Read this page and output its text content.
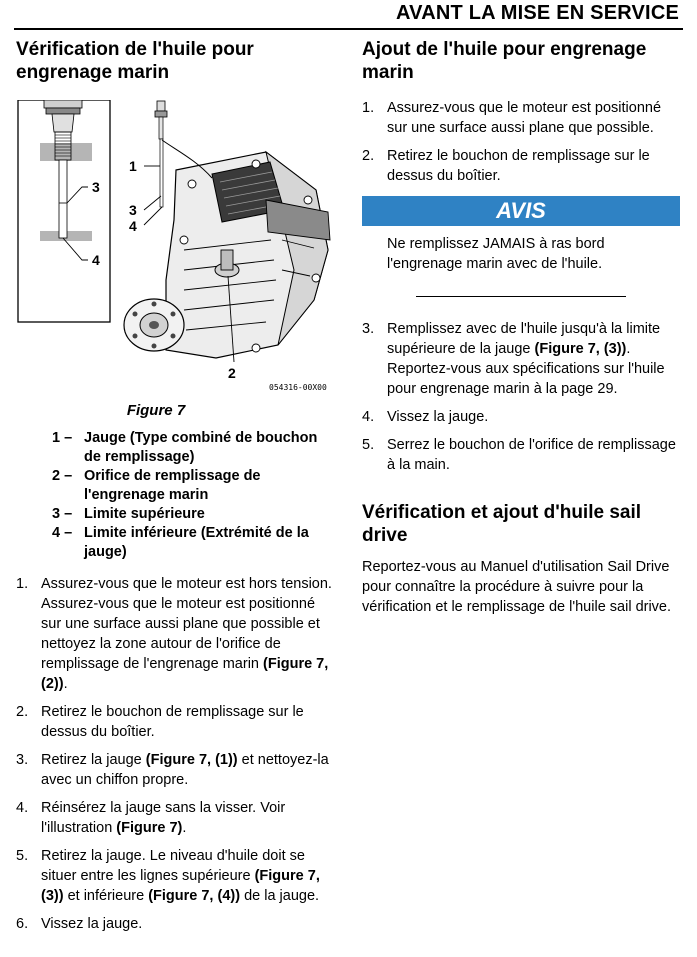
AVANT LA MISE EN SERVICE
Vérification de l'huile pour engrenage marin
3
4
1
3
4
2
054316-00X00
Figure 7
1 – Jauge (Type combiné de bouchon de remplissage)
2 – Orifice de remplissage de l'engrenage marin
3 – Limite supérieure
4 – Limite inférieure (Extrémité de la jauge)
1. Assurez-vous que le moteur est hors tension. Assurez-vous que le moteur est positionné sur une surface aussi plane que possible et nettoyez la zone autour de l'orifice de remplissage de l'engrenage marin (Figure 7, (2)).
2. Retirez le bouchon de remplissage sur le dessus du boîtier.
3. Retirez la jauge (Figure 7, (1)) et nettoyez-la avec un chiffon propre.
4. Réinsérez la jauge sans la visser. Voir l'illustration (Figure 7).
5. Retirez la jauge. Le niveau d'huile doit se situer entre les lignes supérieure (Figure 7, (3)) et inférieure (Figure 7, (4)) de la jauge.
6. Vissez la jauge.
Ajout de l'huile pour engrenage marin
1. Assurez-vous que le moteur est positionné sur une surface aussi plane que possible.
2. Retirez le bouchon de remplissage sur le dessus du boîtier.
AVIS
Ne remplissez JAMAIS à ras bord l'engrenage marin avec de l'huile.
3. Remplissez avec de l'huile jusqu'à la limite supérieure de la jauge (Figure 7, (3)). Reportez-vous aux spécifications sur l'huile pour engrenage marin à la page 29.
4. Vissez la jauge.
5. Serrez le bouchon de l'orifice de remplissage à la main.
Vérification et ajout d'huile sail drive

Reportez-vous au Manuel d'utilisation Sail Drive pour connaître la procédure à suivre pour la vérification et le remplissage de l'huile sail drive.
